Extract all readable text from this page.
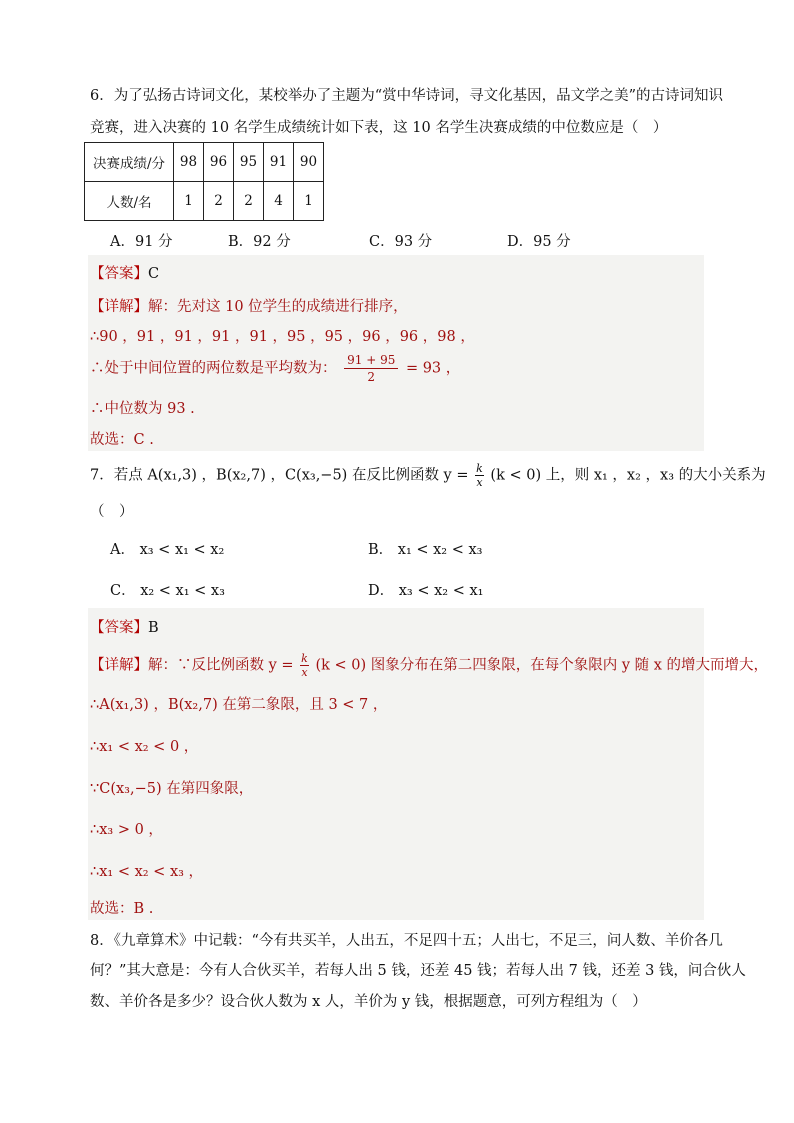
6．为了弘扬古诗词文化，某校举办了主题为“赏中华诗词，寻文化基因，品文学之美”的古诗词知识
竞赛，进入决赛的 10 名学生成绩统计如下表，这 10 名学生决赛成绩的中位数应是（　）
决赛成绩/分	98	96	95	91	90
人数/名	1	2	2	4	1
A．91 分	B．92 分	C．93 分	D．95 分
【答案】C
【详解】解：先对这 10 位学生的成绩进行排序，
∴90 ，91 ，91 ，91 ，91 ，95 ，95 ，96 ，96 ，98 ，
∴处于中间位置的两位数是平均数为： $\frac{91 + 95}{2} = 93$ ，
∴中位数为 93 .
故选：C .
7．若点 A(x₁,3) ，B(x₂,7) ，C(x₃,−5) 在反比例函数 $y = \frac{k}{x} (k < 0)$ 上，则 x₁ ，x₂ ，x₃ 的大小关系为
（　）
A． x₃ < x₁ < x₂	B． x₁ < x₂ < x₃
C． x₂ < x₁ < x₃	D． x₃ < x₂ < x₁
【答案】B
【详解】解：∵反比例函数 $y = \frac{k}{x} (k < 0)$ 图象分布在第二四象限，在每个象限内 y 随 x 的增大而增大，
∴A(x₁,3) ，B(x₂,7) 在第二象限，且 3 < 7 ，
∴x₁ < x₂ < 0 ，
∵C(x₃,−5) 在第四象限，
∴x₃ > 0 ，
∴x₁ < x₂ < x₃ ，
故选：B .
8．《九章算术》中记载：“今有共买羊，人出五，不足四十五；人出七，不足三，问人数、羊价各几
何？”其大意是：今有人合伙买羊，若每人出 5 钱，还差 45 钱；若每人出 7 钱，还差 3 钱，问合伙人
数、羊价各是多少？设合伙人数为 x 人，羊价为 y 钱，根据题意，可列方程组为（　）
